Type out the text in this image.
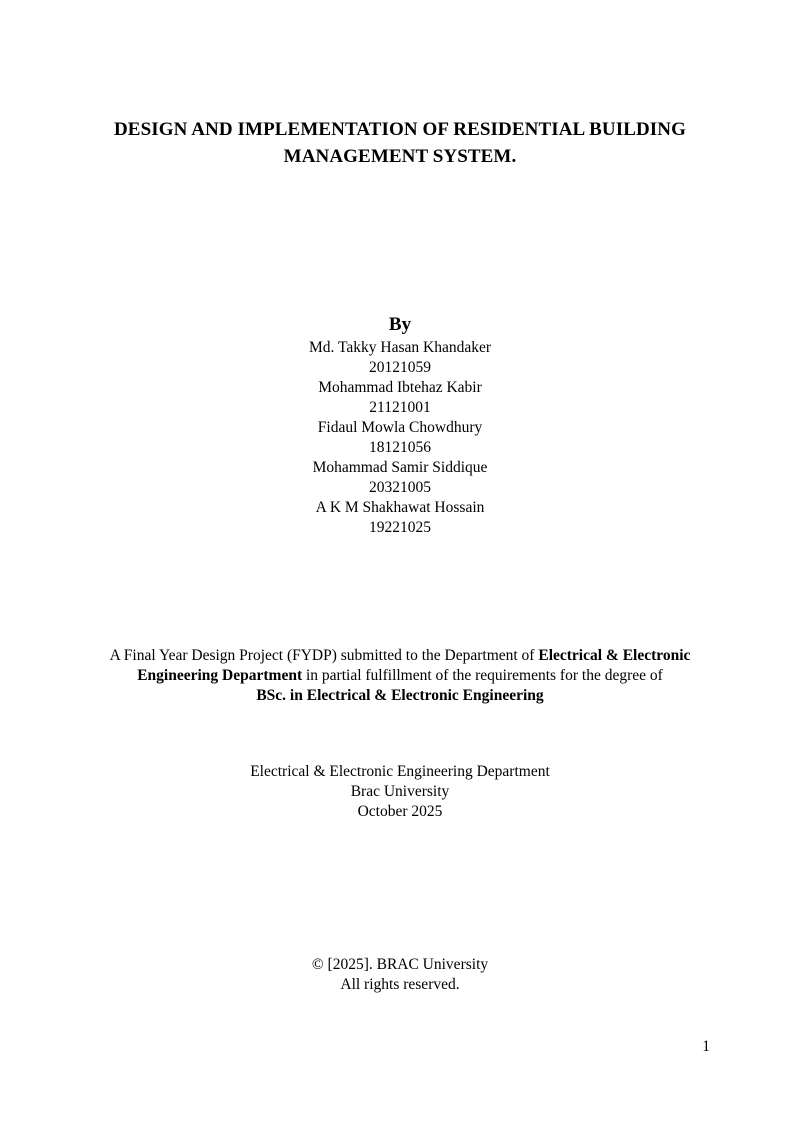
DESIGN AND IMPLEMENTATION OF RESIDENTIAL BUILDING
MANAGEMENT SYSTEM.
By
Md. Takky Hasan Khandaker
20121059
Mohammad Ibtehaz Kabir
21121001
Fidaul Mowla Chowdhury
18121056
Mohammad Samir Siddique
20321005
A K M Shakhawat Hossain
19221025
A Final Year Design Project (FYDP) submitted to the Department of Electrical & Electronic
Engineering Department in partial fulfillment of the requirements for the degree of
BSc. in Electrical & Electronic Engineering
Electrical & Electronic Engineering Department
Brac University
October 2025
© [2025]. BRAC University
All rights reserved.
1
